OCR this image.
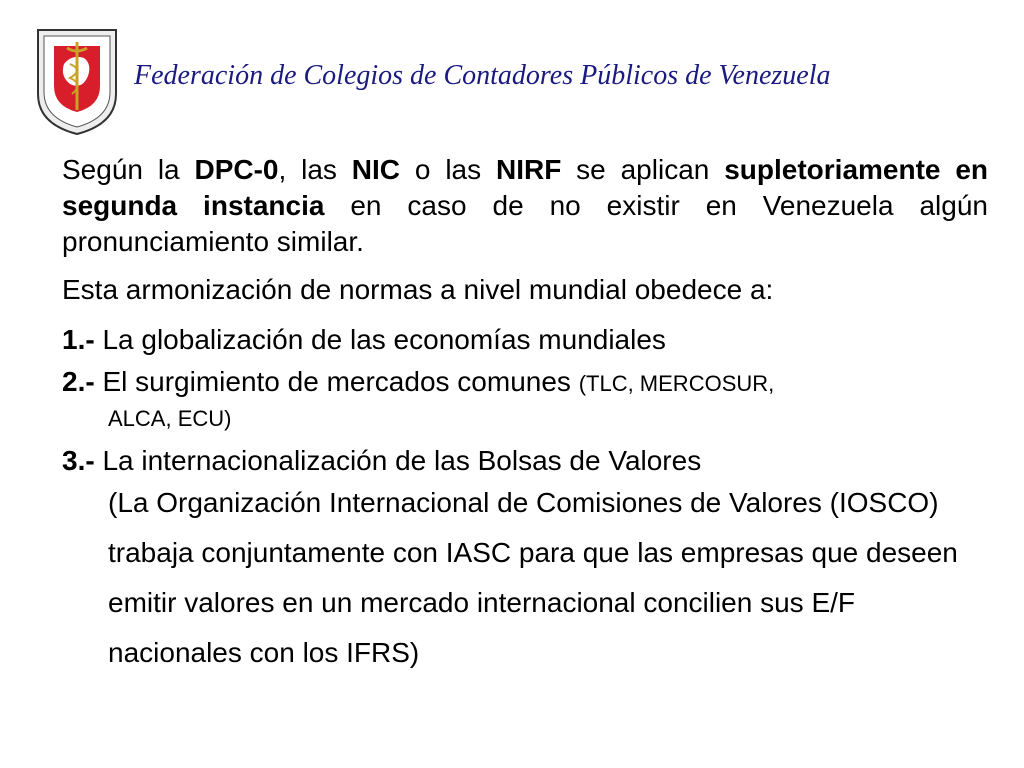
Federación de Colegios de Contadores Públicos de Venezuela

Según la DPC-0, las NIC o las NIRF se aplican supletoriamente en segunda instancia en caso de no existir en Venezuela algún pronunciamiento similar.

Esta armonización de normas a nivel mundial obedece a:

1.- La globalización de las economías mundiales

2.- El surgimiento de mercados comunes (TLC, MERCOSUR,
ALCA, ECU)

3.- La internacionalización de las Bolsas de Valores

(La Organización Internacional de Comisiones de Valores (IOSCO) trabaja conjuntamente con IASC para que las empresas que deseen emitir valores en un mercado internacional concilien sus E/F nacionales con los IFRS)
